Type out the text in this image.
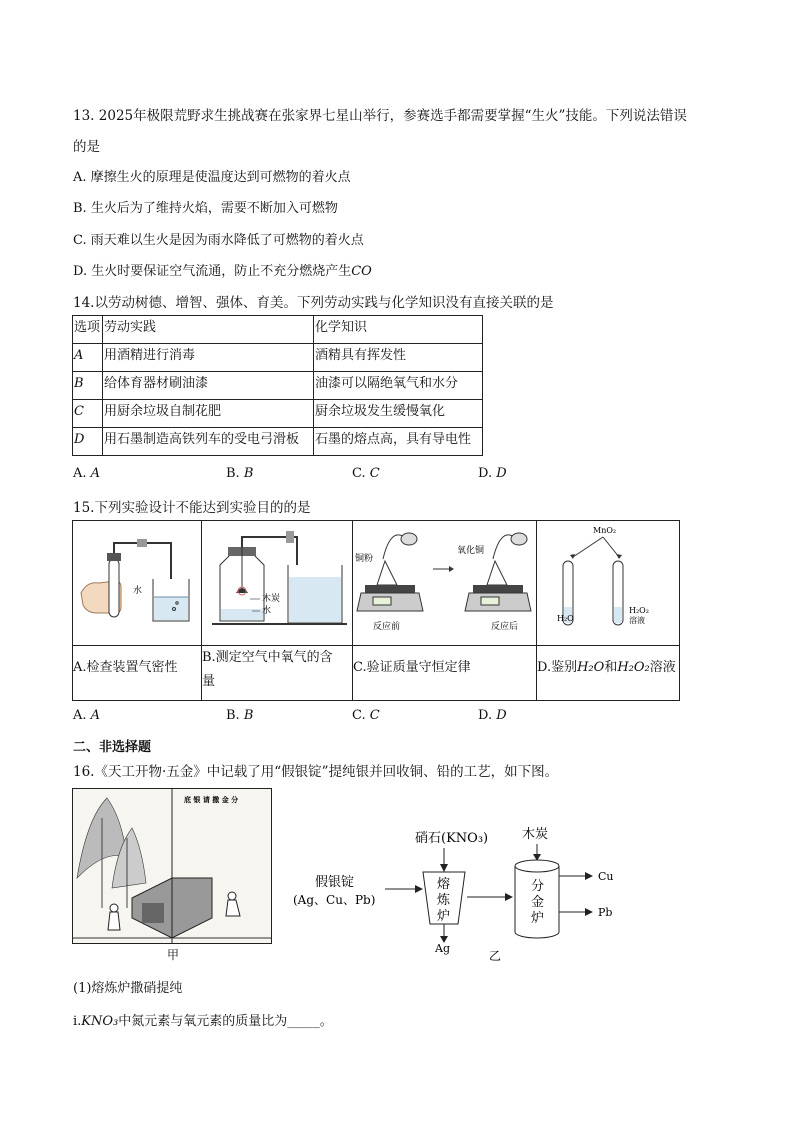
13. 2025年极限荒野求生挑战赛在张家界七星山举行，参赛选手都需要掌握“生火”技能。下列说法错误
的是
A. 摩擦生火的原理是使温度达到可燃物的着火点
B. 生火后为了维持火焰，需要不断加入可燃物
C. 雨天难以生火是因为雨水降低了可燃物的着火点
D. 生火时要保证空气流通，防止不充分燃烧产生CO
14.以劳动树德、增智、强体、育美。下列劳动实践与化学知识没有直接关联的是
选项	劳动实践	化学知识
A	用酒精进行消毒	酒精具有挥发性
B	给体育器材刷油漆	油漆可以隔绝氧气和水分
C	用厨余垃圾自制花肥	厨余垃圾发生缓慢氧化
D	用石墨制造高铁列车的受电弓滑板	石墨的熔点高，具有导电性
A. A	B. B	C. C	D. D
15.下列实验设计不能达到实验目的的是
水	木炭
水	铜粉
反应前
氧化铜
反应后	MnO₂
H₂O
H₂O₂
溶液

A.检查装置气密性	B.测定空气中氧气的含
量	C.验证质量守恒定律	D.鉴别H₂O和H₂O₂溶液
A. A	B. B	C. C	D. D
二、非选择题
16.《天工开物·五金》中记载了用“假银锭”提纯银并回收铜、铅的工艺，如下图。
底 银 请 撒 金 分
甲
假银锭
(Ag、Cu、Pb)
硝石(KNO₃)
熔
炼
炉
Ag
木炭
分
金
炉
Cu
Pb
乙
(1)熔炼炉撒硝提纯
ⅰ.KNO₃中氮元素与氧元素的质量比为_____。
